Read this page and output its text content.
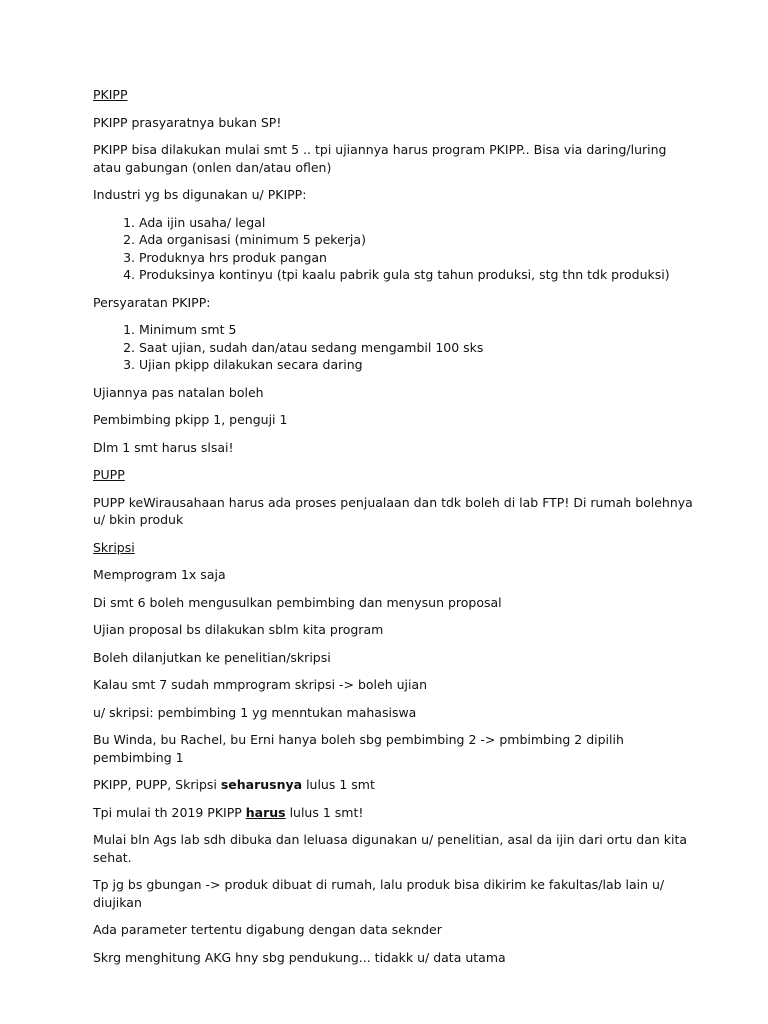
PKIPP

PKIPP prasyaratnya bukan SP!

PKIPP bisa dilakukan mulai smt 5 .. tpi ujiannya harus program PKIPP.. Bisa via daring/luring atau gabungan (onlen dan/atau oflen)

Industri yg bs digunakan u/ PKIPP:

1. Ada ijin usaha/ legal
2. Ada organisasi (minimum 5 pekerja)
3. Produknya hrs produk pangan
4. Produksinya kontinyu (tpi kaalu pabrik gula stg tahun produksi, stg thn tdk produksi)

Persyaratan PKIPP:

1. Minimum smt 5
2. Saat ujian, sudah dan/atau sedang mengambil 100 sks
3. Ujian pkipp dilakukan secara daring

Ujiannya pas natalan boleh

Pembimbing pkipp 1, penguji 1

Dlm 1 smt harus slsai!

PUPP

PUPP keWirausahaan harus ada proses penjualaan dan tdk boleh di lab FTP! Di rumah bolehnya u/ bkin produk

Skripsi

Memprogram 1x saja

Di smt 6 boleh mengusulkan pembimbing dan menysun proposal

Ujian proposal bs dilakukan sblm kita program

Boleh dilanjutkan ke penelitian/skripsi

Kalau smt 7 sudah mmprogram skripsi -> boleh ujian

u/ skripsi: pembimbing 1 yg menntukan mahasiswa

Bu Winda, bu Rachel, bu Erni hanya boleh sbg pembimbing 2 -> pmbimbing 2 dipilih pembimbing 1

PKIPP, PUPP, Skripsi seharusnya lulus 1 smt

Tpi mulai th 2019 PKIPP harus lulus 1 smt!

Mulai bln Ags lab sdh dibuka dan leluasa digunakan u/ penelitian, asal da ijin dari ortu dan kita sehat.

Tp jg bs gbungan -> produk dibuat di rumah, lalu produk bisa dikirim ke fakultas/lab lain u/ diujikan

Ada parameter tertentu digabung dengan data seknder

Skrg menghitung AKG hny sbg pendukung... tidakk u/ data utama
